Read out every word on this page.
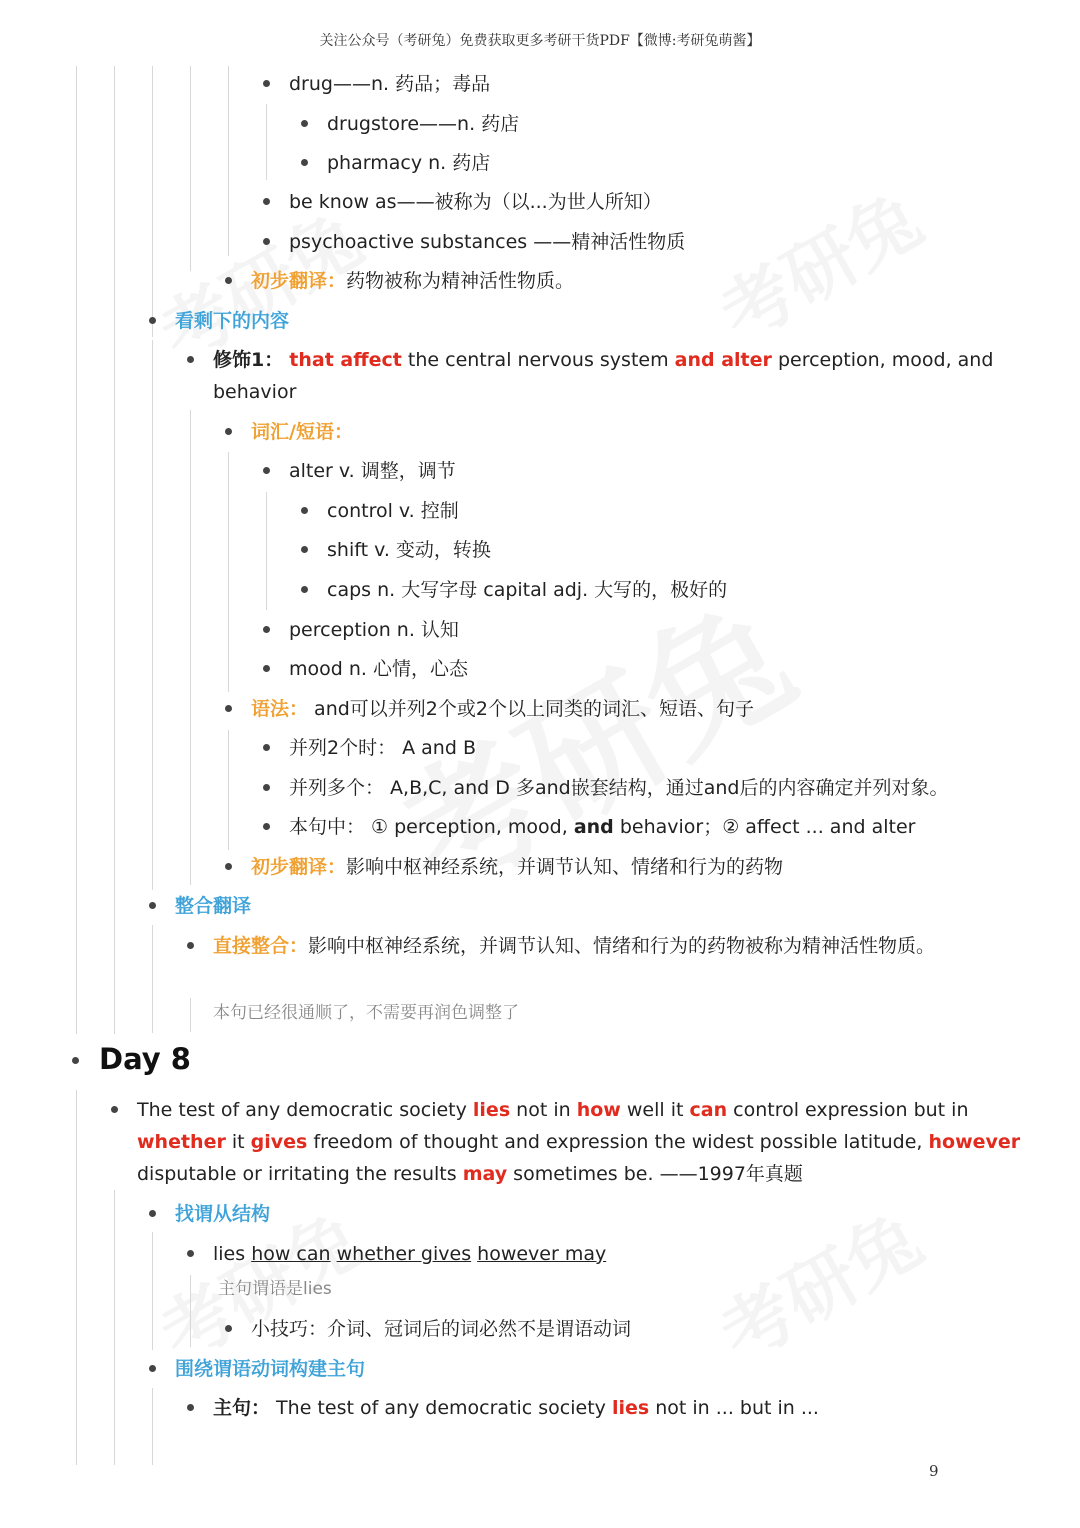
关注公众号（考研兔）免费获取更多考研干货PDF【微博:考研兔萌酱】
drug——n. 药品；毒品
drugstore——n. 药店
pharmacy n. 药店
be know as——被称为（以...为世人所知）
psychoactive substances ——精神活性物质
初步翻译：药物被称为精神活性物质。
看剩下的内容
修饰1： that affect the central nervous system and alter perception, mood, and behavior
词汇/短语：
alter v. 调整，调节
control v. 控制
shift v. 变动，转换
caps n. 大写字母 capital adj. 大写的，极好的
perception n. 认知
mood n. 心情，心态
语法： and可以并列2个或2个以上同类的词汇、短语、句子
并列2个时： A and B
并列多个： A,B,C, and D 多and嵌套结构，通过and后的内容确定并列对象。
本句中： ① perception, mood, and behavior；② affect ... and alter
初步翻译：影响中枢神经系统，并调节认知、情绪和行为的药物
整合翻译
直接整合：影响中枢神经系统，并调节认知、情绪和行为的药物被称为精神活性物质。
本句已经很通顺了，不需要再润色调整了
Day 8
The test of any democratic society lies not in how well it can control expression but in whether it gives freedom of thought and expression the widest possible latitude, however disputable or irritating the results may sometimes be. ——1997年真题
找谓从结构
lies how can whether gives however may
主句谓语是lies
小技巧：介词、冠词后的词必然不是谓语动词
围绕谓语动词构建主句
主句： The test of any democratic society lies not in ... but in ...
9
